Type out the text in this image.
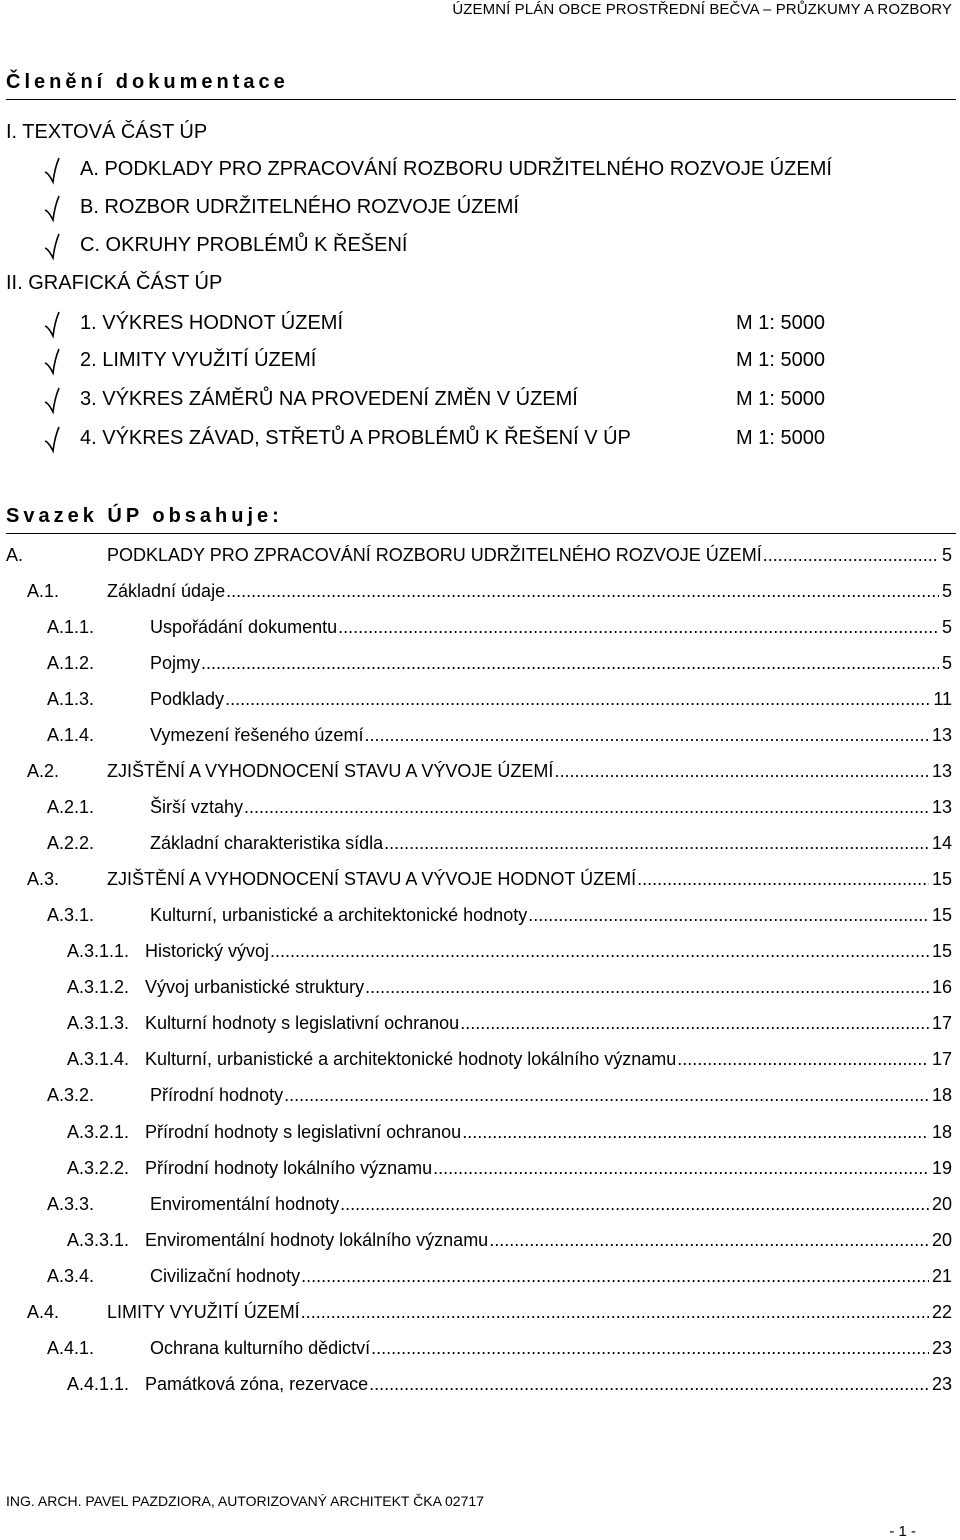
ÚZEMNÍ PLÁN OBCE PROSTŘEDNÍ BEČVA – PRŮZKUMY A ROZBORY
Členění dokumentace
I. TEXTOVÁ ČÁST ÚP
A. PODKLADY PRO ZPRACOVÁNÍ ROZBORU UDRŽITELNÉHO ROZVOJE ÚZEMÍ
B. ROZBOR UDRŽITELNÉHO ROZVOJE ÚZEMÍ
C. OKRUHY PROBLÉMŮ K ŘEŠENÍ
II. GRAFICKÁ ČÁST ÚP
1. VÝKRES HODNOT ÚZEMÍ	M 1: 5000
2. LIMITY VYUŽITÍ ÚZEMÍ	M 1: 5000
3. VÝKRES ZÁMĚRŮ NA PROVEDENÍ ZMĚN V ÚZEMÍ	M 1: 5000
4. VÝKRES ZÁVAD, STŘETŮ A PROBLÉMŮ K ŘEŠENÍ V ÚP	M 1: 5000
Svazek ÚP obsahuje:
A.	PODKLADY PRO ZPRACOVÁNÍ ROZBORU UDRŽITELNÉHO ROZVOJE ÚZEMÍ .....	5
A.1.	Základní údaje .....	5
A.1.1.	Uspořádání dokumentu .....	5
A.1.2.	Pojmy .....	5
A.1.3.	Podklady .....	11
A.1.4.	Vymezení řešeného území .....	13
A.2.	ZJIŠTĚNÍ A VYHODNOCENÍ STAVU A VÝVOJE ÚZEMÍ .....	13
A.2.1.	Širší vztahy .....	13
A.2.2.	Základní charakteristika sídla .....	14
A.3.	ZJIŠTĚNÍ A VYHODNOCENÍ STAVU A VÝVOJE HODNOT ÚZEMÍ .....	15
A.3.1.	Kulturní, urbanistické a architektonické hodnoty .....	15
A.3.1.1. Historický vývoj .....	15
A.3.1.2. Vývoj urbanistické struktury .....	16
A.3.1.3. Kulturní hodnoty s legislativní ochranou .....	17
A.3.1.4. Kulturní, urbanistické a architektonické hodnoty lokálního významu .....	17
A.3.2.	Přírodní hodnoty .....	18
A.3.2.1. Přírodní hodnoty s legislativní ochranou .....	18
A.3.2.2. Přírodní hodnoty lokálního významu .....	19
A.3.3.	Enviromentální hodnoty .....	20
A.3.3.1. Enviromentální hodnoty lokálního významu .....	20
A.3.4.	Civilizační hodnoty .....	21
A.4.	LIMITY VYUŽITÍ ÚZEMÍ .....	22
A.4.1.	Ochrana kulturního dědictví .....	23
A.4.1.1. Památková zóna, rezervace .....	23
ING. ARCH. PAVEL PAZDZIORA, AUTORIZOVANÝ ARCHITEKT ČKA 02717
- 1 -
